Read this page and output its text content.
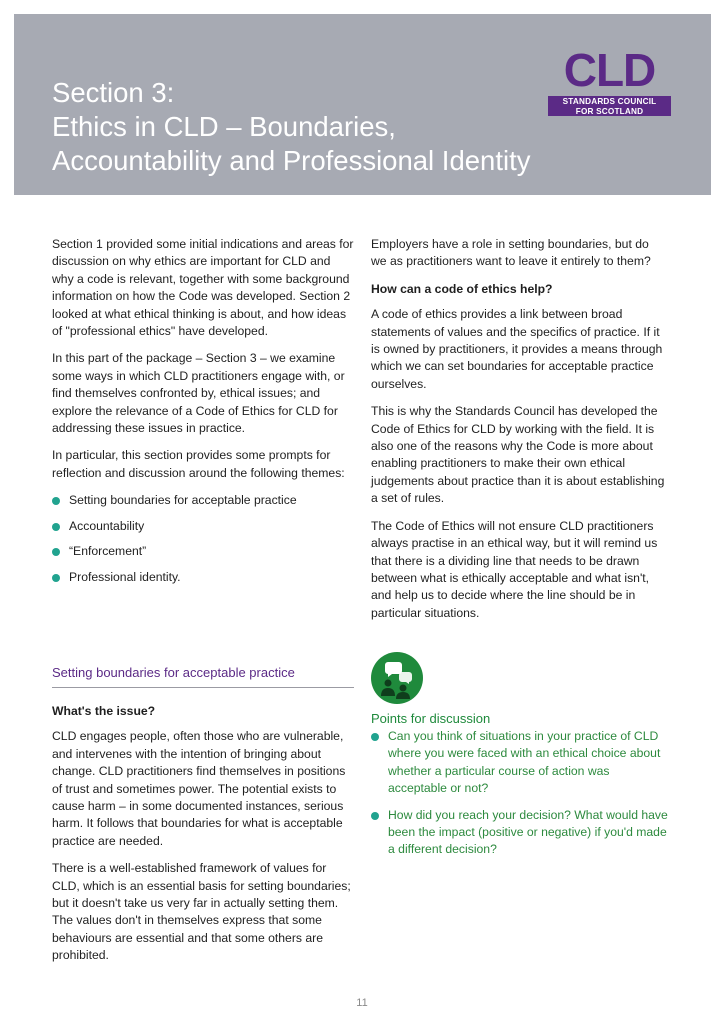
Section 3:
Ethics in CLD – Boundaries,
Accountability and Professional Identity
CLD
STANDARDS COUNCIL
FOR SCOTLAND

Section 1 provided some initial indications and areas for discussion on why ethics are important for CLD and why a code is relevant, together with some background information on how the Code was developed. Section 2 looked at what ethical thinking is about, and how ideas of "professional ethics" have developed.

In this part of the package – Section 3 – we examine some ways in which CLD practitioners engage with, or find themselves confronted by, ethical issues; and explore the relevance of a Code of Ethics for CLD for addressing these issues in practice.

In particular, this section provides some prompts for reflection and discussion around the following themes:

Setting boundaries for acceptable practice
Accountability
“Enforcement”
Professional identity.

Employers have a role in setting boundaries, but do we as practitioners want to leave it entirely to them?

How can a code of ethics help?

A code of ethics provides a link between broad statements of values and the specifics of practice. If it is owned by practitioners, it provides a means through which we can set boundaries for acceptable practice ourselves.

This is why the Standards Council has developed the Code of Ethics for CLD by working with the field. It is also one of the reasons why the Code is more about enabling practitioners to make their own ethical judgements about practice than it is about establishing a set of rules.

The Code of Ethics will not ensure CLD practitioners always practise in an ethical way, but it will remind us that there is a dividing line that needs to be drawn between what is ethically acceptable and what isn't, and help us to decide where the line should be in particular situations.

Setting boundaries for acceptable practice

What's the issue?

CLD engages people, often those who are vulnerable, and intervenes with the intention of bringing about change. CLD practitioners find themselves in positions of trust and sometimes power. The potential exists to cause harm – in some documented instances, serious harm. It follows that boundaries for what is acceptable practice are needed.

There is a well-established framework of values for CLD, which is an essential basis for setting boundaries; but it doesn't take us very far in actually setting them. The values don't in themselves express that some behaviours are essential and that some others are prohibited.

Points for discussion
Can you think of situations in your practice of CLD where you were faced with an ethical choice about whether a particular course of action was acceptable or not?
How did you reach your decision? What would have been the impact (positive or negative) if you'd made a different decision?
11
